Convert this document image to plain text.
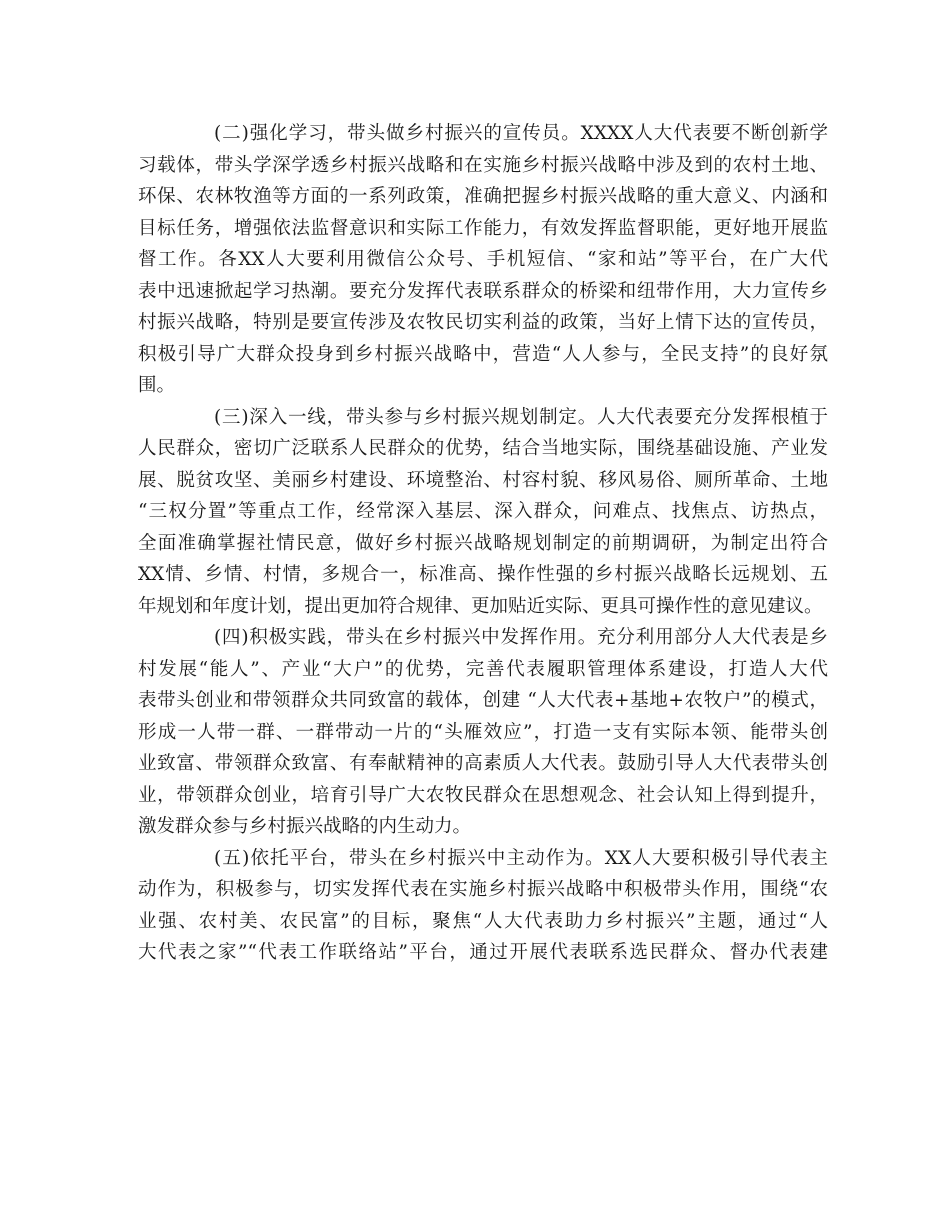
(二)强化学习，带头做乡村振兴的宣传员。XXXX人大代表要不断创新学
习载体，带头学深学透乡村振兴战略和在实施乡村振兴战略中涉及到的农村土地、
环保、农林牧渔等方面的一系列政策，准确把握乡村振兴战略的重大意义、内涵和
目标任务，增强依法监督意识和实际工作能力，有效发挥监督职能，更好地开展监
督工作。各XX人大要利用微信公众号、手机短信、“家和站”等平台，在广大代
表中迅速掀起学习热潮。要充分发挥代表联系群众的桥梁和纽带作用，大力宣传乡
村振兴战略，特别是要宣传涉及农牧民切实利益的政策，当好上情下达的宣传员，
积极引导广大群众投身到乡村振兴战略中，营造“人人参与，全民支持”的良好氛
围。
(三)深入一线，带头参与乡村振兴规划制定。人大代表要充分发挥根植于
人民群众，密切广泛联系人民群众的优势，结合当地实际，围绕基础设施、产业发
展、脱贫攻坚、美丽乡村建设、环境整治、村容村貌、移风易俗、厕所革命、土地
“三权分置”等重点工作，经常深入基层、深入群众，问难点、找焦点、访热点，
全面准确掌握社情民意，做好乡村振兴战略规划制定的前期调研，为制定出符合
XX情、乡情、村情，多规合一，标准高、操作性强的乡村振兴战略长远规划、五
年规划和年度计划，提出更加符合规律、更加贴近实际、更具可操作性的意见建议。
(四)积极实践，带头在乡村振兴中发挥作用。充分利用部分人大代表是乡
村发展“能人”、产业“大户”的优势，完善代表履职管理体系建设，打造人大代
表带头创业和带领群众共同致富的载体，创建 “人大代表+基地+农牧户”的模式，
形成一人带一群、一群带动一片的“头雁效应”，打造一支有实际本领、能带头创
业致富、带领群众致富、有奉献精神的高素质人大代表。鼓励引导人大代表带头创
业，带领群众创业，培育引导广大农牧民群众在思想观念、社会认知上得到提升，
激发群众参与乡村振兴战略的内生动力。
(五)依托平台，带头在乡村振兴中主动作为。XX人大要积极引导代表主
动作为，积极参与，切实发挥代表在实施乡村振兴战略中积极带头作用，围绕“农
业强、农村美、农民富”的目标，聚焦“人大代表助力乡村振兴”主题，通过“人
大代表之家”“代表工作联络站”平台，通过开展代表联系选民群众、督办代表建
